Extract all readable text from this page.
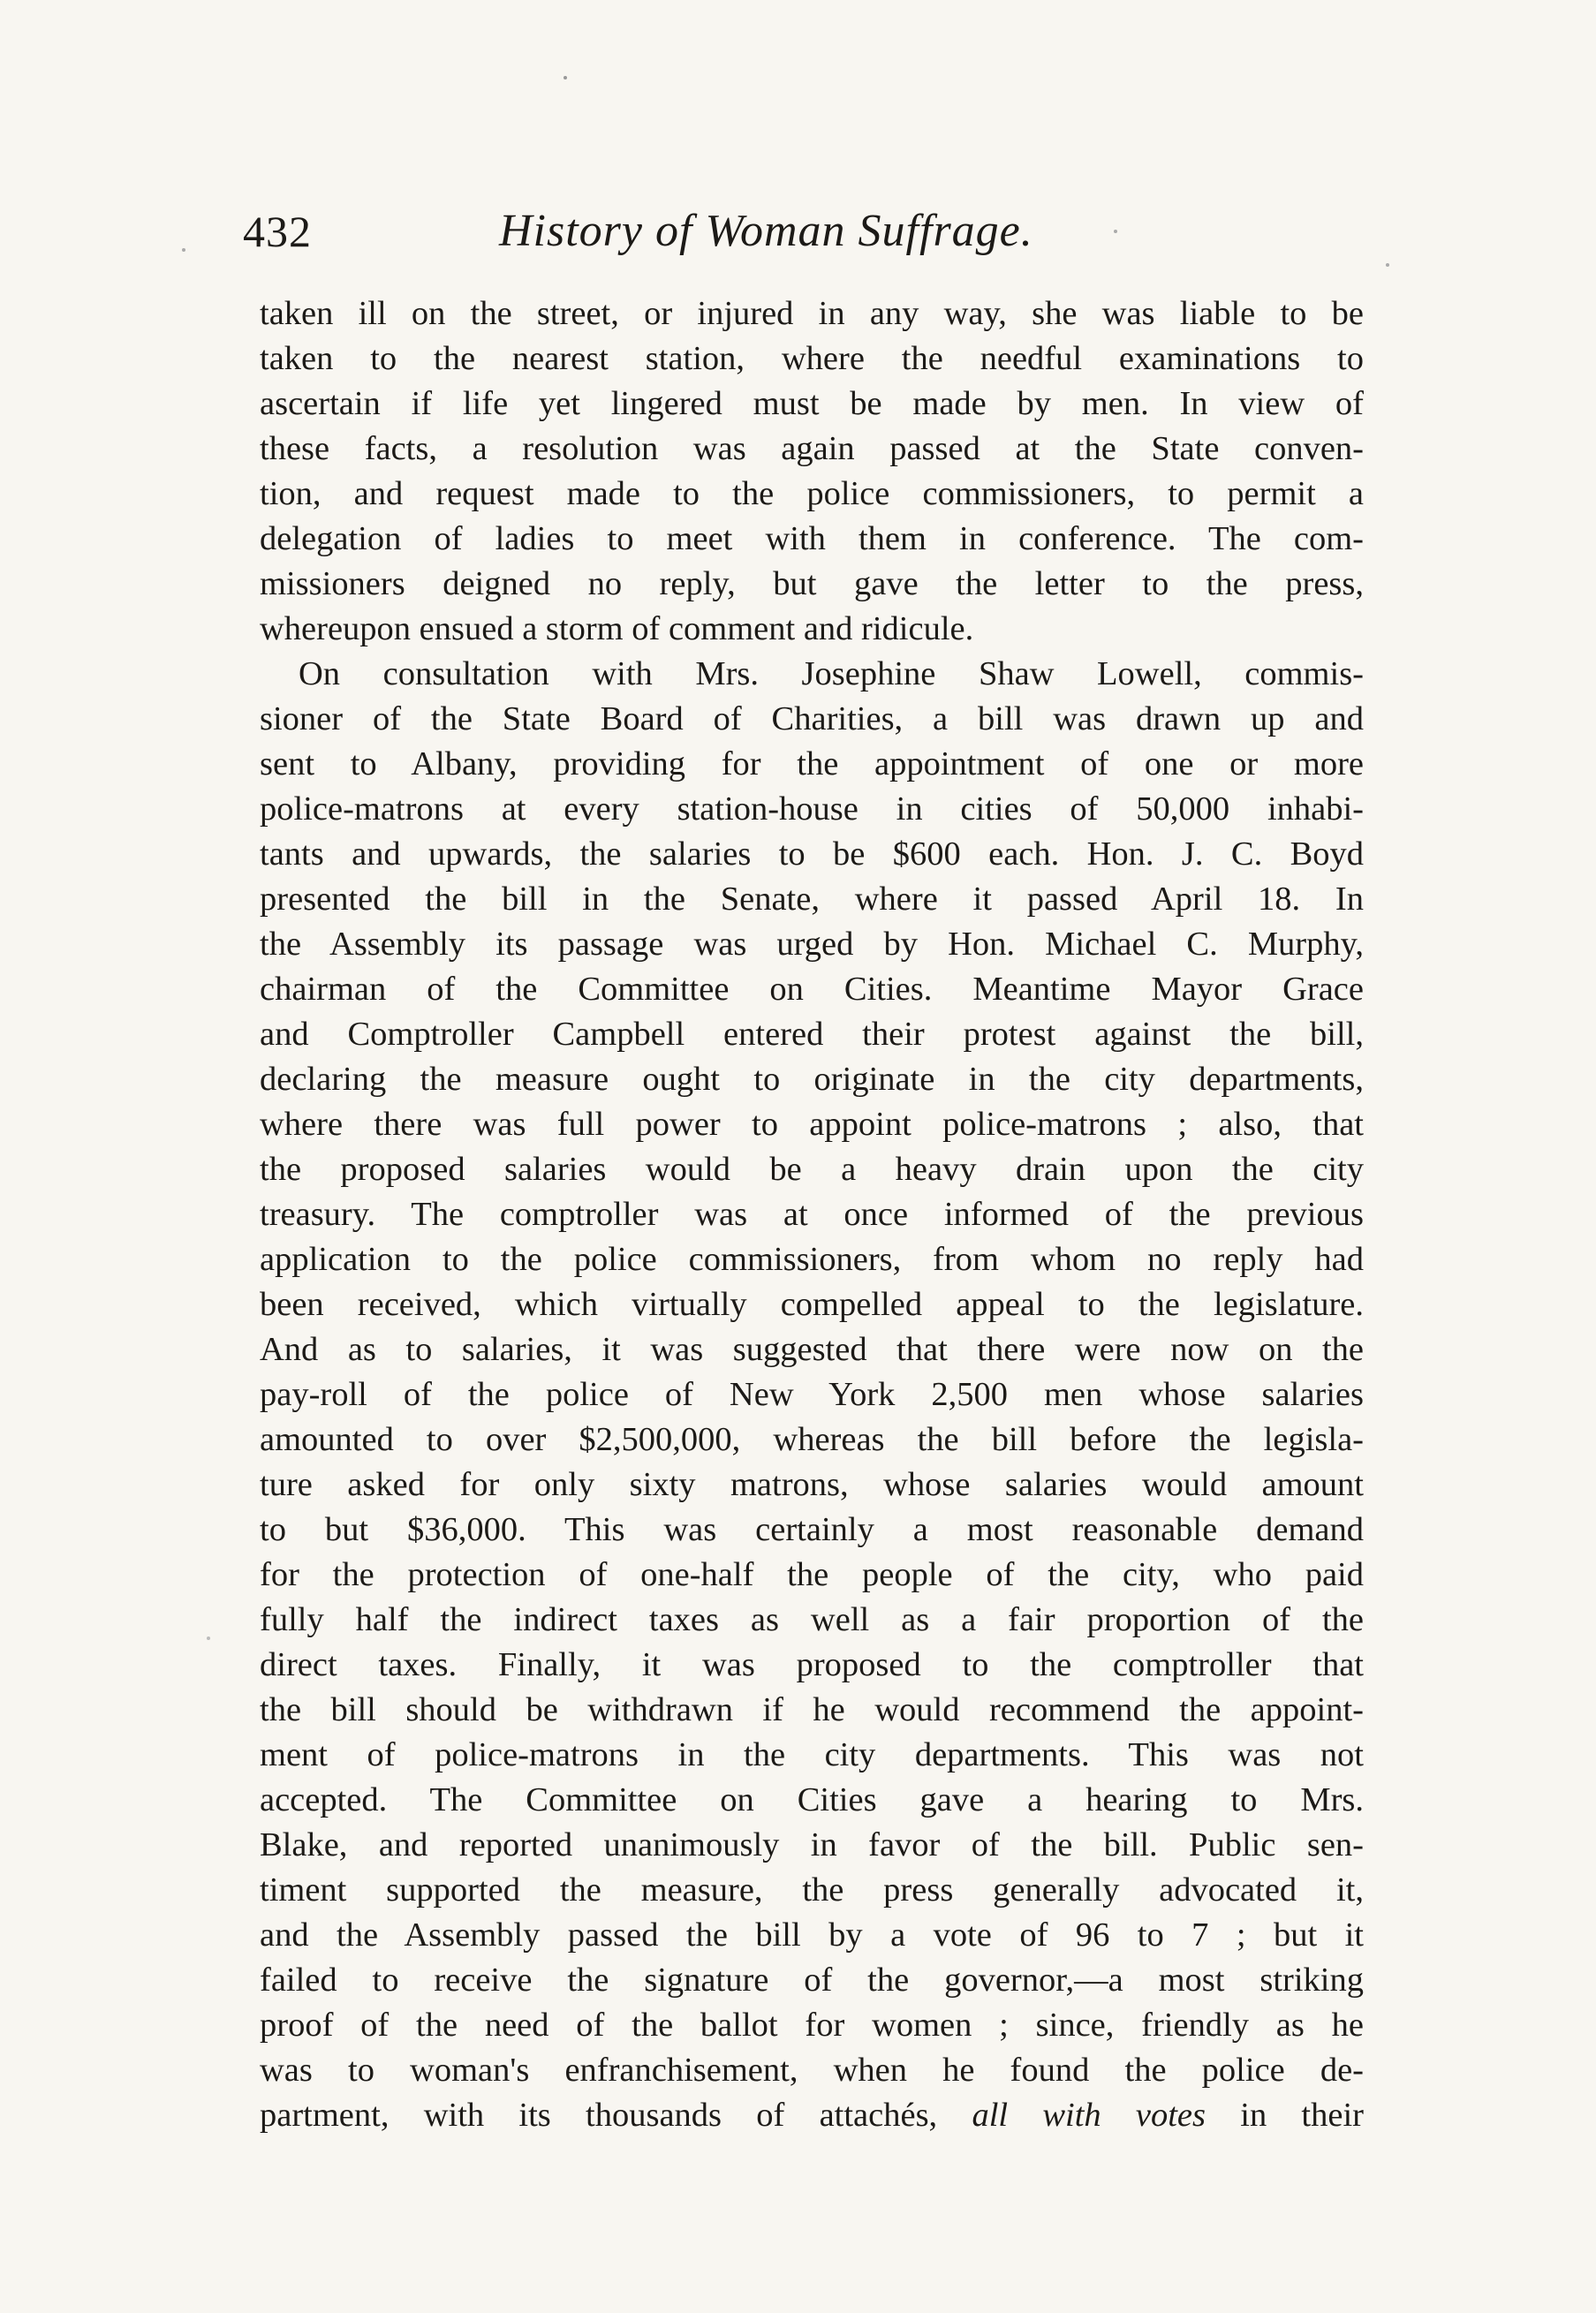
432	History of Woman Suffrage.
taken ill on the street, or injured in any way, she was liable to be
taken to the nearest station, where the needful examinations to
ascertain if life yet lingered must be made by men. In view of
these facts, a resolution was again passed at the State conven-
tion, and request made to the police commissioners, to permit a
delegation of ladies to meet with them in conference. The com-
missioners deigned no reply, but gave the letter to the press,
whereupon ensued a storm of comment and ridicule.
On consultation with Mrs. Josephine Shaw Lowell, commis-
sioner of the State Board of Charities, a bill was drawn up and
sent to Albany, providing for the appointment of one or more
police-matrons at every station-house in cities of 50,000 inhabi-
tants and upwards, the salaries to be $600 each. Hon. J. C. Boyd
presented the bill in the Senate, where it passed April 18. In
the Assembly its passage was urged by Hon. Michael C. Murphy,
chairman of the Committee on Cities. Meantime Mayor Grace
and Comptroller Campbell entered their protest against the bill,
declaring the measure ought to originate in the city departments,
where there was full power to appoint police-matrons ; also, that
the proposed salaries would be a heavy drain upon the city
treasury. The comptroller was at once informed of the previous
application to the police commissioners, from whom no reply had
been received, which virtually compelled appeal to the legislature.
And as to salaries, it was suggested that there were now on the
pay-roll of the police of New York 2,500 men whose salaries
amounted to over $2,500,000, whereas the bill before the legisla-
ture asked for only sixty matrons, whose salaries would amount
to but $36,000. This was certainly a most reasonable demand
for the protection of one-half the people of the city, who paid
fully half the indirect taxes as well as a fair proportion of the
direct taxes. Finally, it was proposed to the comptroller that
the bill should be withdrawn if he would recommend the appoint-
ment of police-matrons in the city departments. This was not
accepted. The Committee on Cities gave a hearing to Mrs.
Blake, and reported unanimously in favor of the bill. Public sen-
timent supported the measure, the press generally advocated it,
and the Assembly passed the bill by a vote of 96 to 7 ; but it
failed to receive the signature of the governor,—a most striking
proof of the need of the ballot for women ; since, friendly as he
was to woman's enfranchisement, when he found the police de-
partment, with its thousands of attachés, all with votes in their
